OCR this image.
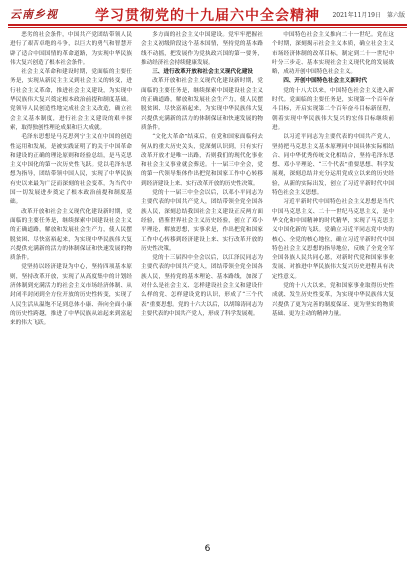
云南乡视	学习贯彻党的十九届六中全会精神	2021年11月19日　第六版

恶劣的社会条件，中国共产党团结带领人民进行了艰苦卓绝的斗争，以巨大的勇气和智慧开辟了适合中国国情的革命道路，为实现中华民族伟大复兴创造了根本社会条件。

社会主义革命和建设时期，党面临的主要任务是，实现从新民主主义到社会主义的转变，进行社会主义革命，推进社会主义建设，为实现中华民族伟大复兴奠定根本政治前提和制度基础。党领导人民创造性地完成社会主义改造，确立社会主义基本制度，进行社会主义建设的艰辛探索，取得独创性理论成果和巨大成就。

毛泽东思想是马克思列宁主义在中国的创造性运用和发展，是被实践证明了的关于中国革命和建设的正确的理论原则和经验总结，是马克思主义中国化的第一次历史性飞跃。党以毛泽东思想为指导，团结带领中国人民，实现了中华民族有史以来最为广泛而深刻的社会变革，为当代中国一切发展进步奠定了根本政治前提和制度基础。

改革开放和社会主义现代化建设新时期，党面临的主要任务是，继续探索中国建设社会主义的正确道路，解放和发展社会生产力，使人民摆脱贫困、尽快富裕起来，为实现中华民族伟大复兴提供充满新的活力的体制保证和快速发展的物质条件。

党坚持以经济建设为中心，坚持四项基本原则，坚持改革开放，实现了从高度集中的计划经济体制到充满活力的社会主义市场经济体制、从封闭半封闭到全方位开放的历史性转变，实现了人民生活从温饱不足到总体小康、奔向全面小康的历史性跨越，推进了中华民族从站起来到富起来的伟大飞跃。

多方面的社会主义中国建设。党牢牢把握社会主义初级阶段这个基本国情，坚持党的基本路线不动摇，把发展作为党执政兴国的第一要务，推动经济社会持续健康发展。

三、进行改革开放和社会主义现代化建设

改革开放和社会主义现代化建设新时期，党面临的主要任务是，继续探索中国建设社会主义的正确道路，解放和发展社会生产力，使人民摆脱贫困、尽快富裕起来，为实现中华民族伟大复兴提供充满新的活力的体制保证和快速发展的物质条件。

“文化大革命”结束后，在党和国家面临何去何从的重大历史关头，党深刻认识到，只有实行改革开放才是唯一出路，否则我们的现代化事业和社会主义事业就会葬送。十一届三中全会，党的第一代领导集体作出把党和国家工作中心转移到经济建设上来、实行改革开放的历史性决策。

党的十一届三中全会以后，以邓小平同志为主要代表的中国共产党人，团结带领全党全国各族人民，深刻总结我国社会主义建设正反两方面经验，借鉴世界社会主义历史经验，创立了邓小平理论，解放思想，实事求是，作出把党和国家工作中心转移到经济建设上来、实行改革开放的历史性决策。

党的十三届四中全会以后，以江泽民同志为主要代表的中国共产党人，团结带领全党全国各族人民，坚持党的基本理论、基本路线，加深了对什么是社会主义、怎样建设社会主义和建设什么样的党、怎样建设党的认识，形成了“三个代表”重要思想。党的十六大以后，以胡锦涛同志为主要代表的中国共产党人，形成了科学发展观。

中国特色社会主义推向二十一世纪。党在这个时期，深刻揭示社会主义本质，确立社会主义市场经济体制的改革目标，制定到二十一世纪中叶分三步走、基本实现社会主义现代化的发展战略，成功开创中国特色社会主义。

四、开创中国特色社会主义新时代

党的十八大以来，中国特色社会主义进入新时代。党面临的主要任务是，实现第一个百年奋斗目标，开启实现第二个百年奋斗目标新征程，朝着实现中华民族伟大复兴的宏伟目标继续前进。

以习近平同志为主要代表的中国共产党人，坚持把马克思主义基本原理同中国具体实际相结合、同中华优秀传统文化相结合，坚持毛泽东思想、邓小平理论、“三个代表”重要思想、科学发展观，深刻总结并充分运用党成立以来的历史经验，从新的实际出发，创立了习近平新时代中国特色社会主义思想。

习近平新时代中国特色社会主义思想是当代中国马克思主义、二十一世纪马克思主义，是中华文化和中国精神的时代精华，实现了马克思主义中国化新的飞跃。党确立习近平同志党中央的核心、全党的核心地位，确立习近平新时代中国特色社会主义思想的指导地位，反映了全党全军全国各族人民共同心愿，对新时代党和国家事业发展、对推进中华民族伟大复兴历史进程具有决定性意义。

党的十八大以来，党和国家事业取得历史性成就、发生历史性变革，为实现中华民族伟大复兴提供了更为完善的制度保证、更为坚实的物质基础、更为主动的精神力量。

6
